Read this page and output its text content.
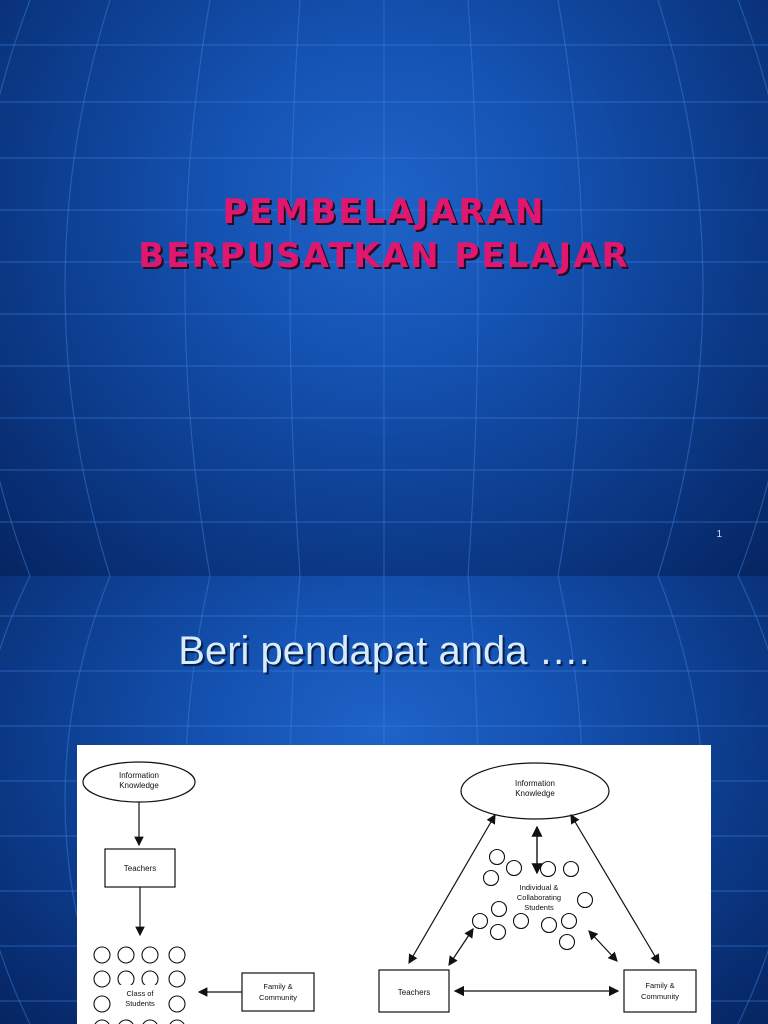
PEMBELAJARAN
BERPUSATKAN PELAJAR
1
Beri pendapat anda ….
Information
Knowledge
Teachers
Class of
Students
Family &
Community
Information
Knowledge
Individual &
Collaborating
Students
Teachers
Family &
Community
